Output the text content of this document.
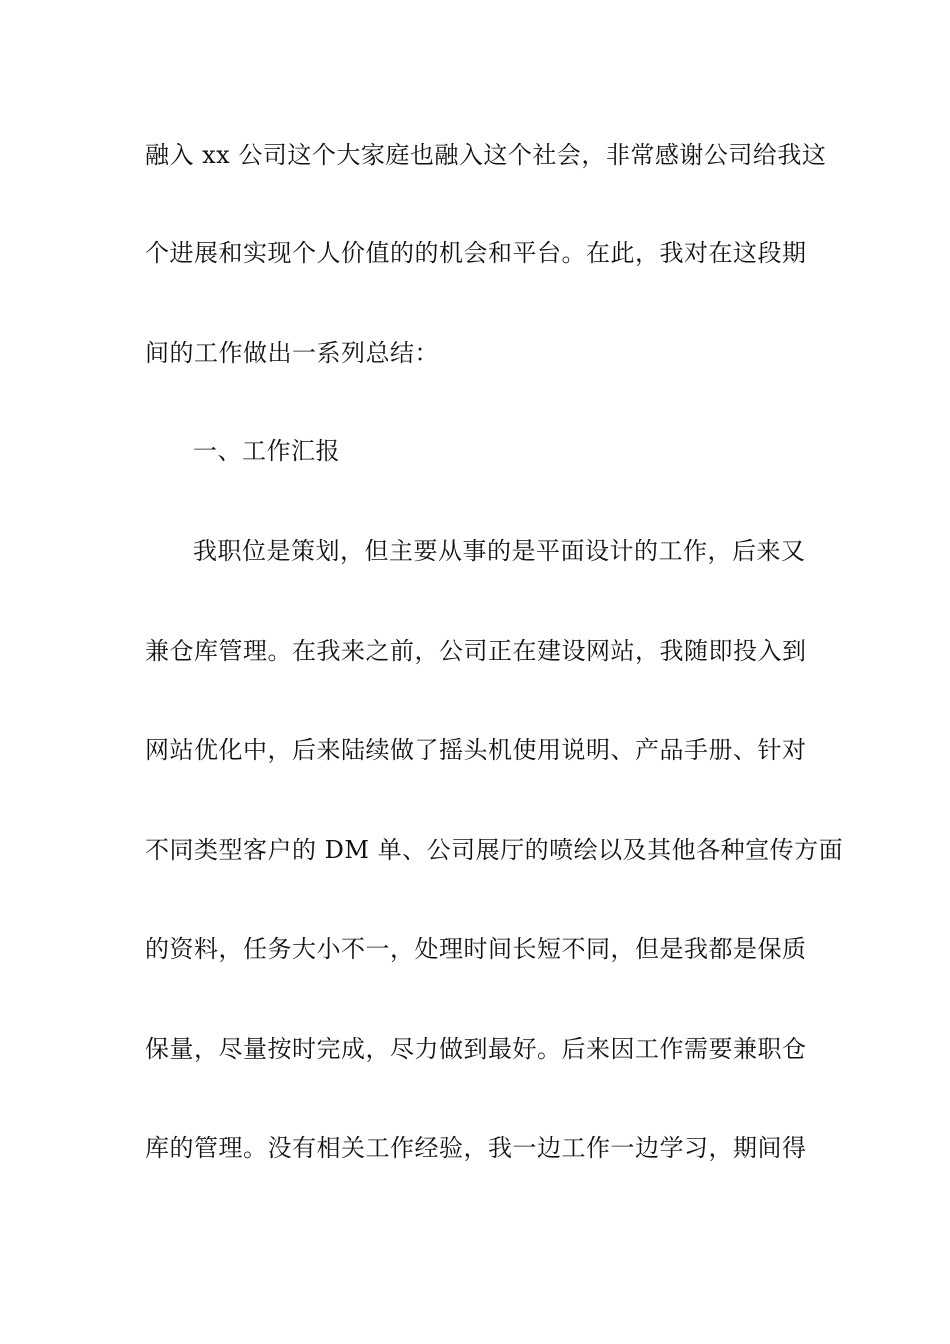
融入 xx 公司这个大家庭也融入这个社会，非常感谢公司给我这
个进展和实现个人价值的的机会和平台。在此，我对在这段期
间的工作做出一系列总结：
一、工作汇报
我职位是策划，但主要从事的是平面设计的工作，后来又
兼仓库管理。在我来之前，公司正在建设网站，我随即投入到
网站优化中，后来陆续做了摇头机使用说明、产品手册、针对
不同类型客户的 DM 单、公司展厅的喷绘以及其他各种宣传方面
的资料，任务大小不一，处理时间长短不同，但是我都是保质
保量，尽量按时完成，尽力做到最好。后来因工作需要兼职仓
库的管理。没有相关工作经验，我一边工作一边学习，期间得
